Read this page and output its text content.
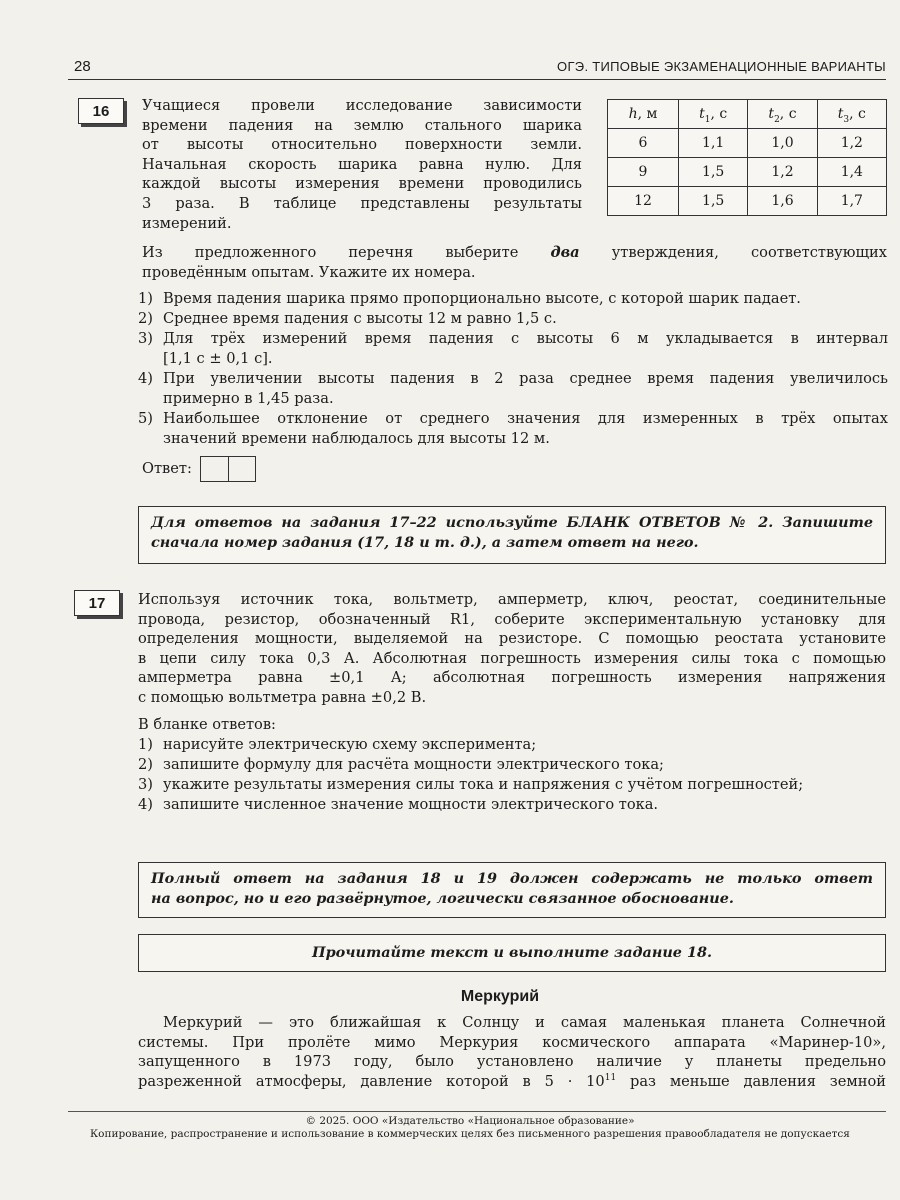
28	ОГЭ. ТИПОВЫЕ ЭКЗАМЕНАЦИОННЫЕ ВАРИАНТЫ
16	Учащиеся провели исследование зависимости
времени падения на землю стального шарика
от высоты относительно поверхности земли.
Начальная скорость шарика равна нулю. Для
каждой высоты измерения времени проводились
3 раза. В таблице представлены результаты
измерений.
h, м	$t_1$, с	$t_2$, с	$t_3$, с
6	1,1	1,0	1,2
9	1,5	1,2	1,4
12	1,5	1,6	1,7
Из предложенного перечня выберите два утверждения, соответствующих
проведённым опытам. Укажите их номера.
1) Время падения шарика прямо пропорционально высоте, с которой шарик падает.
2) Среднее время падения с высоты 12 м равно 1,5 с.
3) Для трёх измерений время падения с высоты 6 м укладывается в интервал
[1,1 с ± 0,1 с].
4) При увеличении высоты падения в 2 раза среднее время падения увеличилось
примерно в 1,45 раза.
5) Наибольшее отклонение от среднего значения для измеренных в трёх опытах
значений времени наблюдалось для высоты 12 м.
Ответ:
Для ответов на задания 17–22 используйте БЛАНК ОТВЕТОВ № 2. Запишите
сначала номер задания (17, 18 и т. д.), а затем ответ на него.
17	Используя источник тока, вольтметр, амперметр, ключ, реостат, соединительные
провода, резистор, обозначенный R1, соберите экспериментальную установку для
определения мощности, выделяемой на резисторе. С помощью реостата установите
в цепи силу тока 0,3 А. Абсолютная погрешность измерения силы тока с помощью
амперметра равна ±0,1 А; абсолютная погрешность измерения напряжения
с помощью вольтметра равна ±0,2 В.
В бланке ответов:
1) нарисуйте электрическую схему эксперимента;
2) запишите формулу для расчёта мощности электрического тока;
3) укажите результаты измерения силы тока и напряжения с учётом погрешностей;
4) запишите численное значение мощности электрического тока.
Полный ответ на задания 18 и 19 должен содержать не только ответ
на вопрос, но и его развёрнутое, логически связанное обоснование.
Прочитайте текст и выполните задание 18.
Меркурий
Меркурий — это ближайшая к Солнцу и самая маленькая планета Солнечной
системы. При пролёте мимо Меркурия космического аппарата «Маринер-10»,
запущенного в 1973 году, было установлено наличие у планеты предельно
разреженной атмосферы, давление которой в $5 \cdot 10^{11}$ раз меньше давления земной
© 2025. ООО «Издательство «Национальное образование»
Копирование, распространение и использование в коммерческих целях без письменного разрешения правообладателя не допускается
